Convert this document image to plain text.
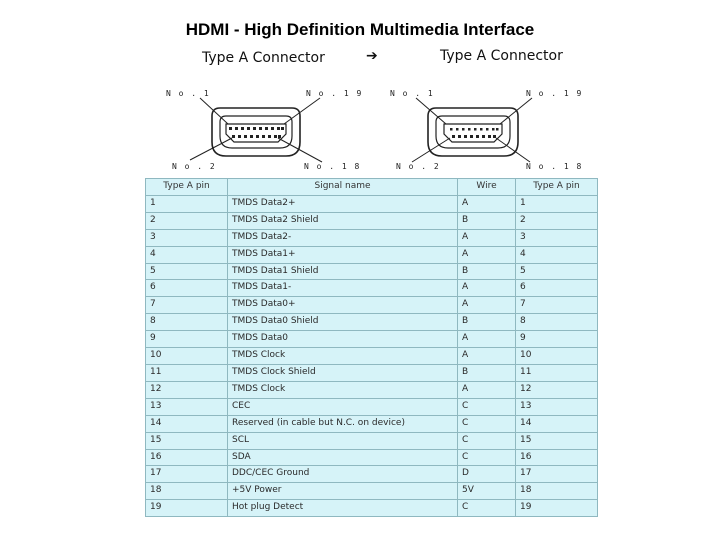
HDMI - High Definition Multimedia Interface
Type A Connector	➔	Type A Connector
N o . 1	N o . 1 9
N o . 2	N o . 1 8
N o . 1	N o . 1 9
N o . 2	N o . 1 8
Type A pin	Signal name	Wire	Type A pin
1	TMDS Data2+	A	1
2	TMDS Data2 Shield	B	2
3	TMDS Data2-	A	3
4	TMDS Data1+	A	4
5	TMDS Data1 Shield	B	5
6	TMDS Data1-	A	6
7	TMDS Data0+	A	7
8	TMDS Data0 Shield	B	8
9	TMDS Data0	A	9
10	TMDS Clock	A	10
11	TMDS Clock Shield	B	11
12	TMDS Clock	A	12
13	CEC	C	13
14	Reserved (in cable but N.C. on device)	C	14
15	SCL	C	15
16	SDA	C	16
17	DDC/CEC Ground	D	17
18	+5V Power	5V	18
19	Hot plug Detect	C	19
